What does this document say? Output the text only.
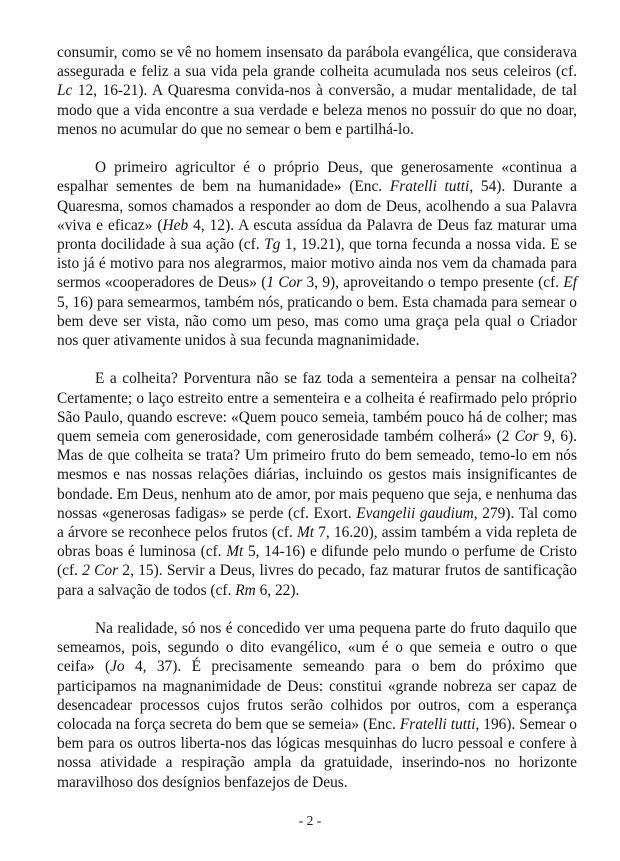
consumir, como se vê no homem insensato da parábola evangélica, que considerava assegurada e feliz a sua vida pela grande colheita acumulada nos seus celeiros (cf. Lc 12, 16-21). A Quaresma convida-nos à conversão, a mudar mentalidade, de tal modo que a vida encontre a sua verdade e beleza menos no possuir do que no doar, menos no acumular do que no semear o bem e partilhá-lo.

O primeiro agricultor é o próprio Deus, que generosamente «continua a espalhar sementes de bem na humanidade» (Enc. Fratelli tutti, 54). Durante a Quaresma, somos chamados a responder ao dom de Deus, acolhendo a sua Palavra «viva e eficaz» (Heb 4, 12). A escuta assídua da Palavra de Deus faz maturar uma pronta docilidade à sua ação (cf. Tg 1, 19.21), que torna fecunda a nossa vida. E se isto já é motivo para nos alegrarmos, maior motivo ainda nos vem da chamada para sermos «cooperadores de Deus» (1 Cor 3, 9), aproveitando o tempo presente (cf. Ef 5, 16) para semearmos, também nós, praticando o bem. Esta chamada para semear o bem deve ser vista, não como um peso, mas como uma graça pela qual o Criador nos quer ativamente unidos à sua fecunda magnanimidade.

E a colheita? Porventura não se faz toda a sementeira a pensar na colheita? Certamente; o laço estreito entre a sementeira e a colheita é reafirmado pelo próprio São Paulo, quando escreve: «Quem pouco semeia, também pouco há de colher; mas quem semeia com generosidade, com generosidade também colherá» (2 Cor 9, 6). Mas de que colheita se trata? Um primeiro fruto do bem semeado, temo-lo em nós mesmos e nas nossas relações diárias, incluindo os gestos mais insignificantes de bondade. Em Deus, nenhum ato de amor, por mais pequeno que seja, e nenhuma das nossas «generosas fadigas» se perde (cf. Exort. Evangelii gaudium, 279). Tal como a árvore se reconhece pelos frutos (cf. Mt 7, 16.20), assim também a vida repleta de obras boas é luminosa (cf. Mt 5, 14-16) e difunde pelo mundo o perfume de Cristo (cf. 2 Cor 2, 15). Servir a Deus, livres do pecado, faz maturar frutos de santificação para a salvação de todos (cf. Rm 6, 22).

Na realidade, só nos é concedido ver uma pequena parte do fruto daquilo que semeamos, pois, segundo o dito evangélico, «um é o que semeia e outro o que ceifa» (Jo 4, 37). É precisamente semeando para o bem do próximo que participamos na magnanimidade de Deus: constitui «grande nobreza ser capaz de desencadear processos cujos frutos serão colhidos por outros, com a esperança colocada na força secreta do bem que se semeia» (Enc. Fratelli tutti, 196). Semear o bem para os outros liberta-nos das lógicas mesquinhas do lucro pessoal e confere à nossa atividade a respiração ampla da gratuidade, inserindo-nos no horizonte maravilhoso dos desígnios benfazejos de Deus.

- 2 -
